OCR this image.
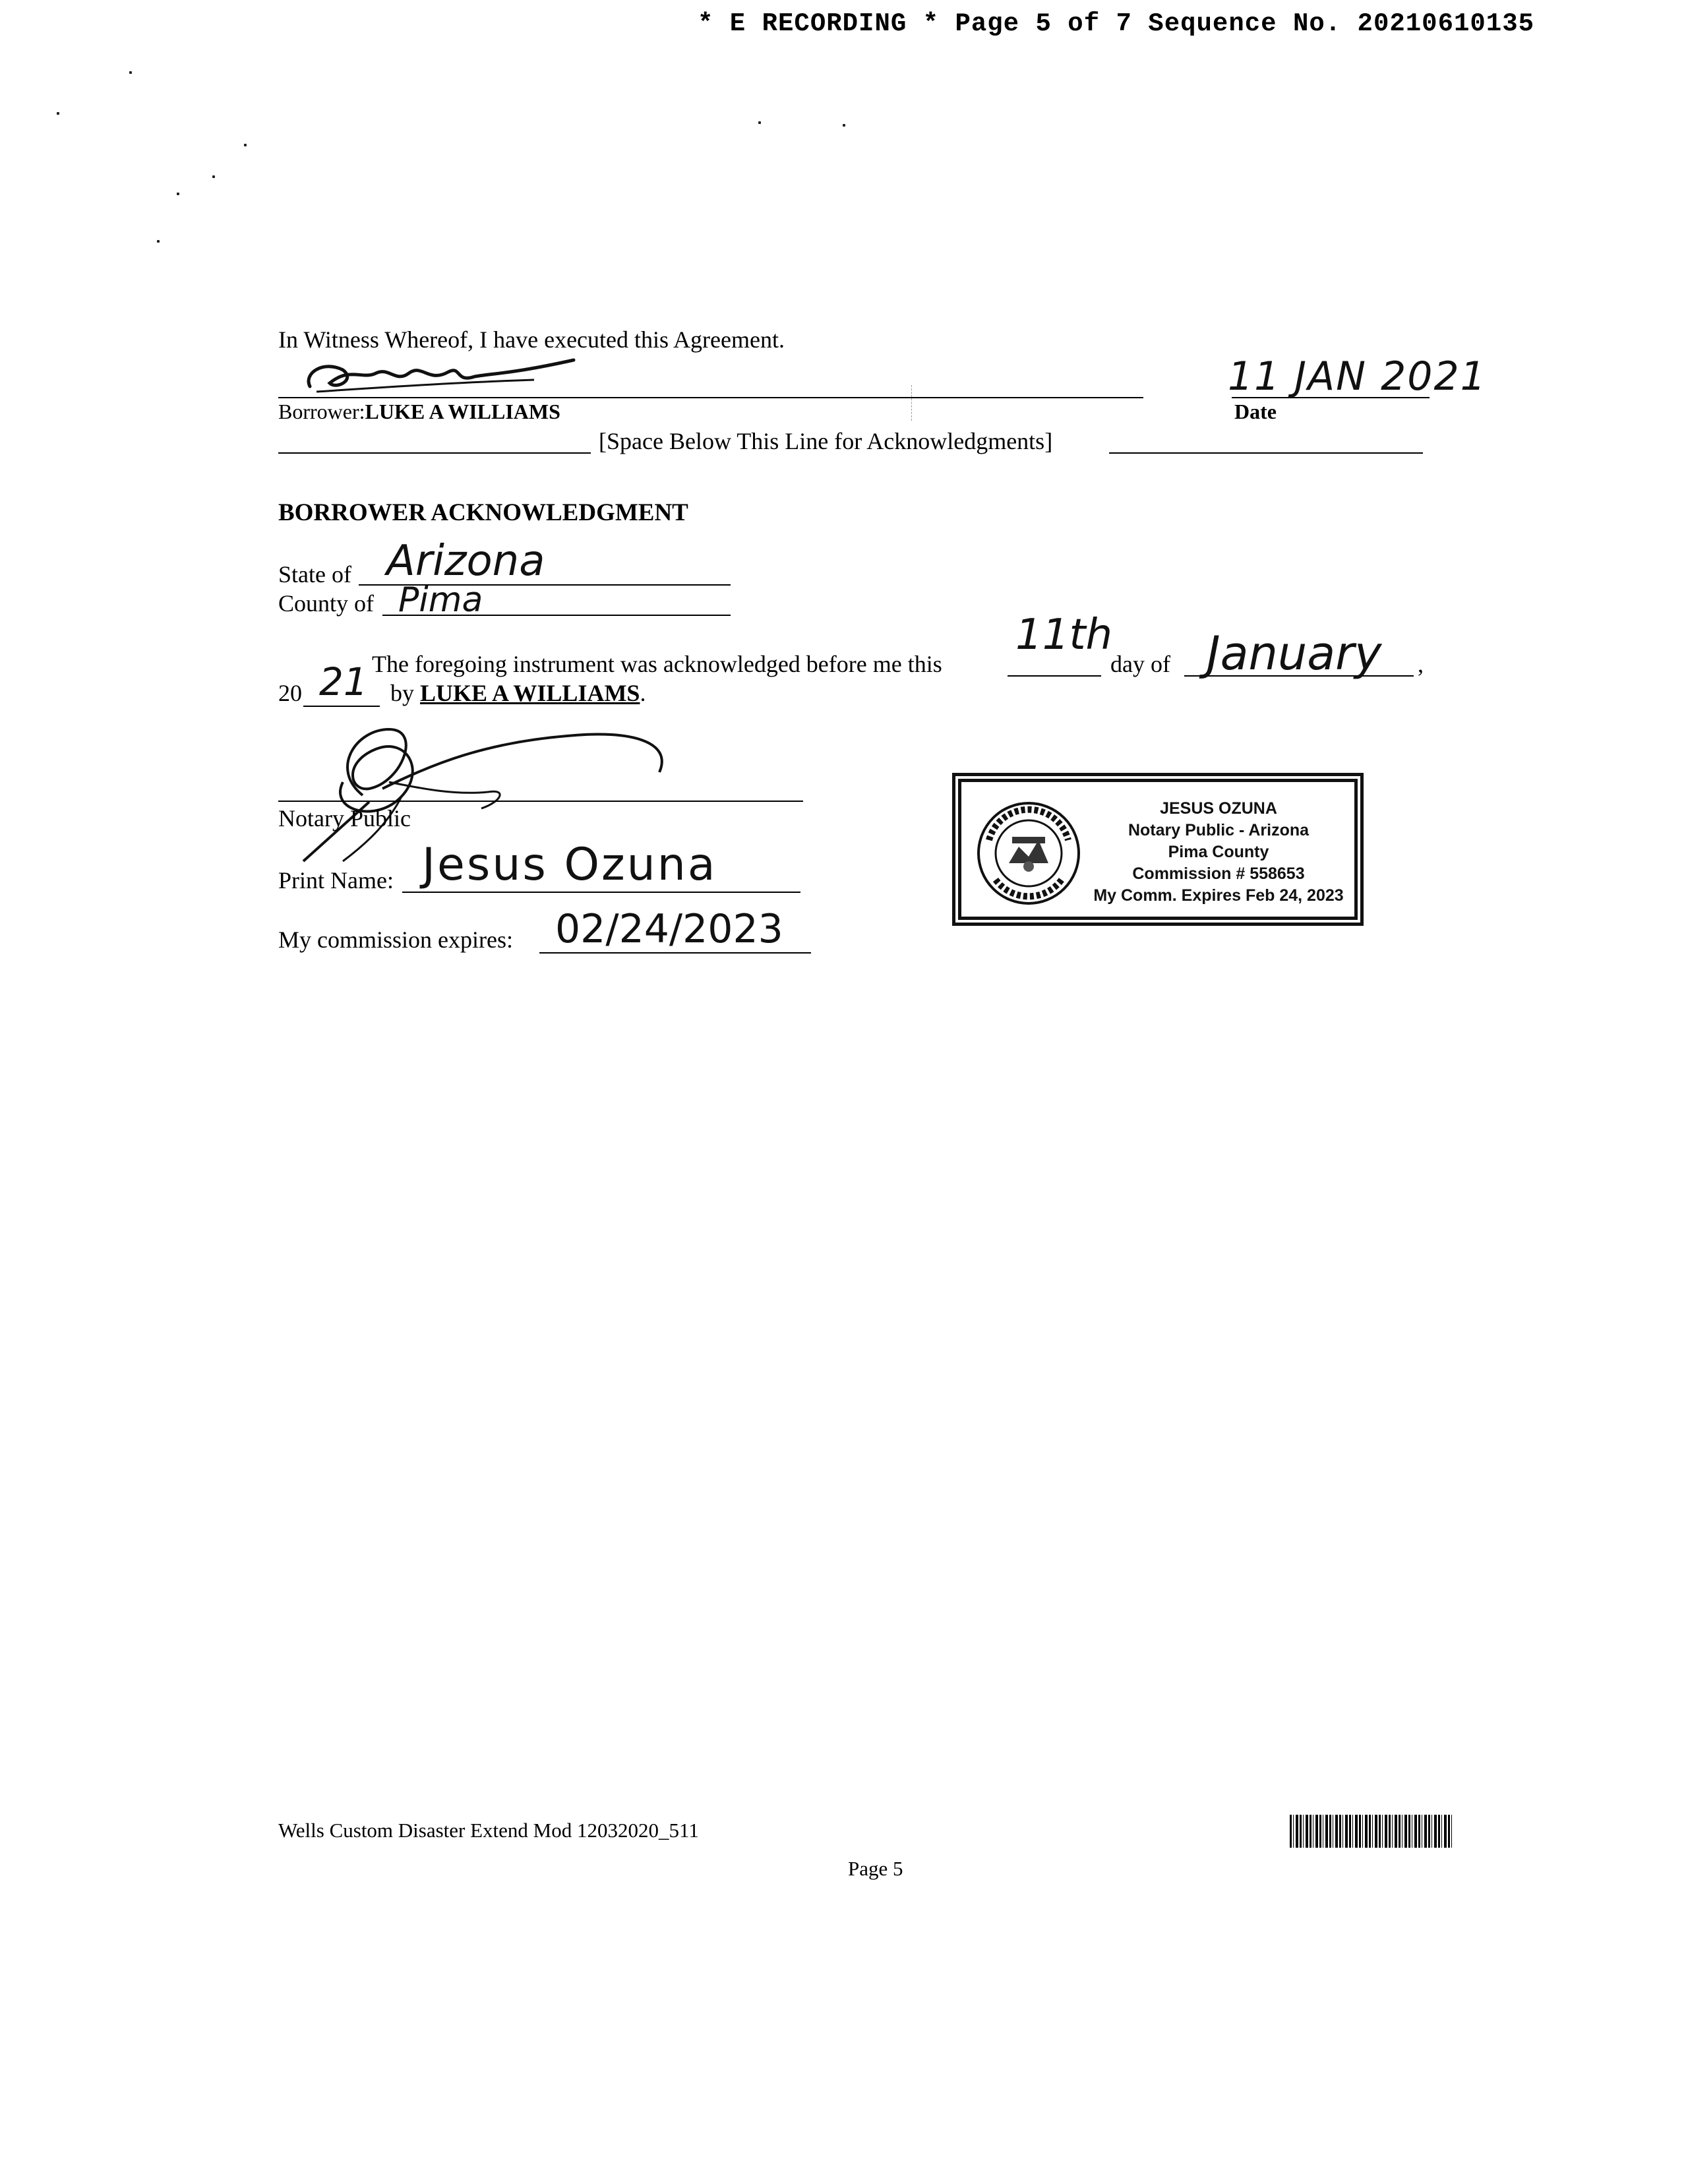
* E RECORDING * Page 5 of 7 Sequence No. 20210610135
In Witness Whereof, I have executed this Agreement.
Borrower:LUKE A WILLIAMS
11 JAN 2021
Date
[Space Below This Line for Acknowledgments]
BORROWER ACKNOWLEDGMENT
State of Arizona
County of Pima
The foregoing instrument was acknowledged before me this
11th
day of January ,
20 21 by LUKE A WILLIAMS.
Notary Public
Print Name: Jesus Ozuna
My commission expires: 02/24/2023
JESUS OZUNA
Notary Public - Arizona
Pima County
Commission # 558653
My Comm. Expires Feb 24, 2023
Wells Custom Disaster Extend Mod 12032020_511
Page 5
